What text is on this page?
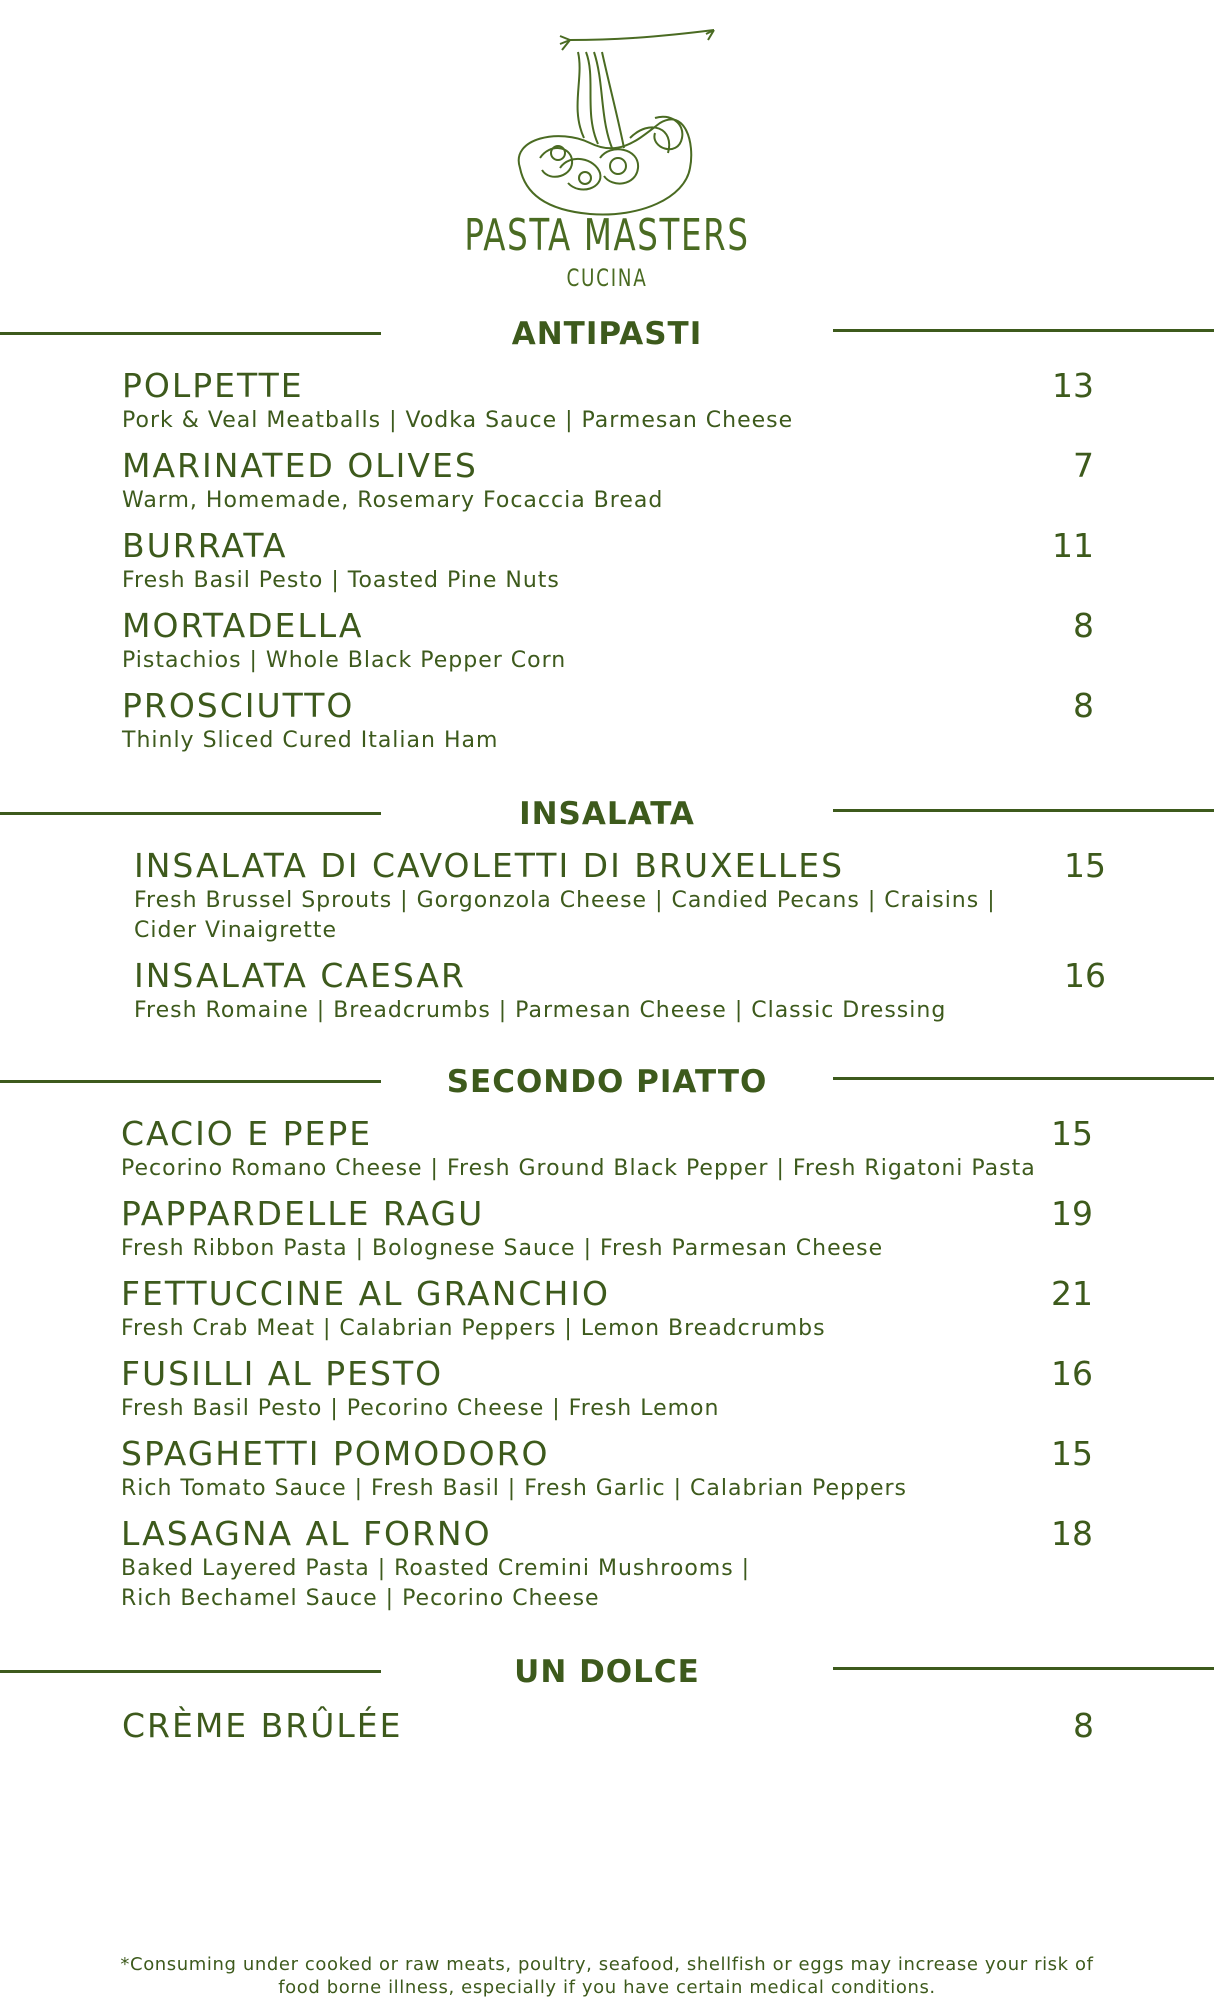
PASTA MASTERS
CUCINA
ANTIPASTI
POLPETTE	13
Pork & Veal Meatballs | Vodka Sauce | Parmesan Cheese
MARINATED OLIVES	7
Warm, Homemade, Rosemary Focaccia Bread
BURRATA	11
Fresh Basil Pesto | Toasted Pine Nuts
MORTADELLA	8
Pistachios | Whole Black Pepper Corn
PROSCIUTTO	8
Thinly Sliced Cured Italian Ham
INSALATA
INSALATA DI CAVOLETTI DI BRUXELLES	15
Fresh Brussel Sprouts | Gorgonzola Cheese | Candied Pecans | Craisins |
Cider Vinaigrette
INSALATA CAESAR	16
Fresh Romaine | Breadcrumbs | Parmesan Cheese | Classic Dressing
SECONDO PIATTO
CACIO E PEPE	15
Pecorino Romano Cheese | Fresh Ground Black Pepper | Fresh Rigatoni Pasta
PAPPARDELLE RAGU	19
Fresh Ribbon Pasta | Bolognese Sauce | Fresh Parmesan Cheese
FETTUCCINE AL GRANCHIO	21
Fresh Crab Meat | Calabrian Peppers | Lemon Breadcrumbs
FUSILLI AL PESTO	16
Fresh Basil Pesto | Pecorino Cheese | Fresh Lemon
SPAGHETTI POMODORO	15
Rich Tomato Sauce | Fresh Basil | Fresh Garlic | Calabrian Peppers
LASAGNA AL FORNO	18
Baked Layered Pasta | Roasted Cremini Mushrooms |
Rich Bechamel Sauce | Pecorino Cheese
UN DOLCE
CRÈME BRÛLÉE	8
*Consuming under cooked or raw meats, poultry, seafood, shellfish or eggs may increase your risk of
food borne illness, especially if you have certain medical conditions.
